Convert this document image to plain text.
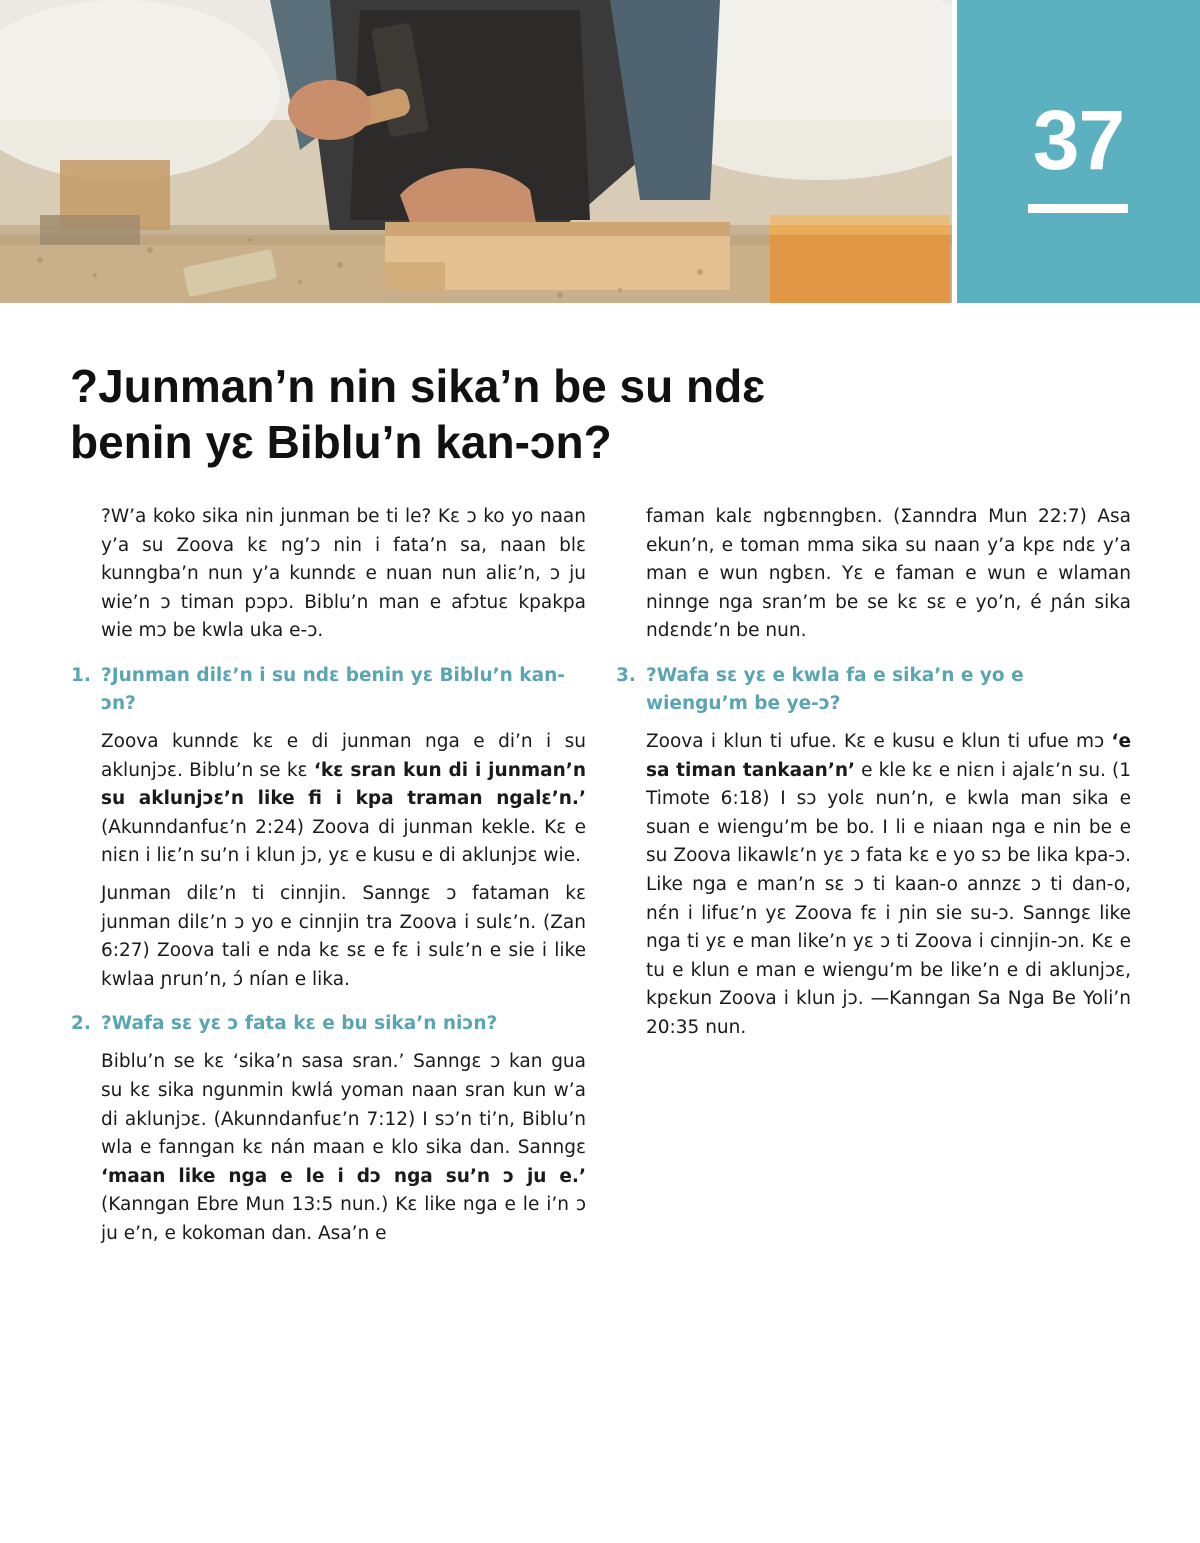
37
?Junman’n nin sika’n be su ndɛ
benin yɛ Biblu’n kan-ɔn?

?W’a koko sika nin junman be ti le? Kɛ ɔ ko yo naan y’a su Zoova kɛ ng’ɔ nin i fata’n sa, naan blɛ kunngba’n nun y’a kunndɛ e nuan nun aliɛ’n, ɔ ju wie’n ɔ timan pɔpɔ. Biblu’n man e afɔtuɛ kpakpa wie mɔ be kwla uka e-ɔ.

1. ?Junman dilɛ’n i su ndɛ benin yɛ Biblu’n kan-ɔn?

Zoova kunndɛ kɛ e di junman nga e di’n i su aklunjɔɛ. Biblu’n se kɛ ‘kɛ sran kun di i junman’n su aklunjɔɛ’n like fi i kpa traman ngalɛ’n.’ (Akunndanfuɛ’n 2:24) Zoova di junman kekle. Kɛ e niɛn i liɛ’n su’n i klun jɔ, yɛ e kusu e di aklunjɔɛ wie.

Junman dilɛ’n ti cinnjin. Sanngɛ ɔ fataman kɛ junman dilɛ’n ɔ yo e cinnjin tra Zoova i sulɛ’n. (Zan 6:27) Zoova tali e nda kɛ sɛ e fɛ i sulɛ’n e sie i like kwlaa ɲrun’n, ɔ́ nían e lika.

2. ?Wafa sɛ yɛ ɔ fata kɛ e bu sika’n niɔn?

Biblu’n se kɛ ‘sika’n sasa sran.’ Sanngɛ ɔ kan gua su kɛ sika ngunmin kwlá yoman naan sran kun w’a di aklunjɔɛ. (Akunndanfuɛ’n 7:12) I sɔ’n ti’n, Biblu’n wla e fanngan kɛ nán maan e klo sika dan. Sanngɛ ‘maan like nga e le i dɔ nga su’n ɔ ju e.’ (Kanngan Ebre Mun 13:5 nun.) Kɛ like nga e le i’n ɔ ju e’n, e kokoman dan. Asa’n e

faman kalɛ ngbɛnngbɛn. (Ʃanndra Mun 22:7) Asa ekun’n, e toman mma sika su naan y’a kpɛ ndɛ y’a man e wun ngbɛn. Yɛ e faman e wun e wlaman ninnge nga sran’m be se kɛ sɛ e yo’n, é ɲán sika ndɛndɛ’n be nun.

3. ?Wafa sɛ yɛ e kwla fa e sika’n e yo e wiengu’m be ye-ɔ?

Zoova i klun ti ufue. Kɛ e kusu e klun ti ufue mɔ ‘e sa timan tankaan’n’ e kle kɛ e niɛn i ajalɛ’n su. (1 Timote 6:18) I sɔ yolɛ nun’n, e kwla man sika e suan e wiengu’m be bo. I li e niaan nga e nin be e su Zoova likawlɛ’n yɛ ɔ fata kɛ e yo sɔ be lika kpa-ɔ. Like nga e man’n sɛ ɔ ti kaan-o annzɛ ɔ ti dan-o, nɛ́n i lifuɛ’n yɛ Zoova fɛ i ɲin sie su-ɔ. Sanngɛ like nga ti yɛ e man like’n yɛ ɔ ti Zoova i cinnjin-ɔn. Kɛ e tu e klun e man e wiengu’m be like’n e di aklunjɔɛ, kpɛkun Zoova i klun jɔ. —Kanngan Sa Nga Be Yoli’n 20:35 nun.
